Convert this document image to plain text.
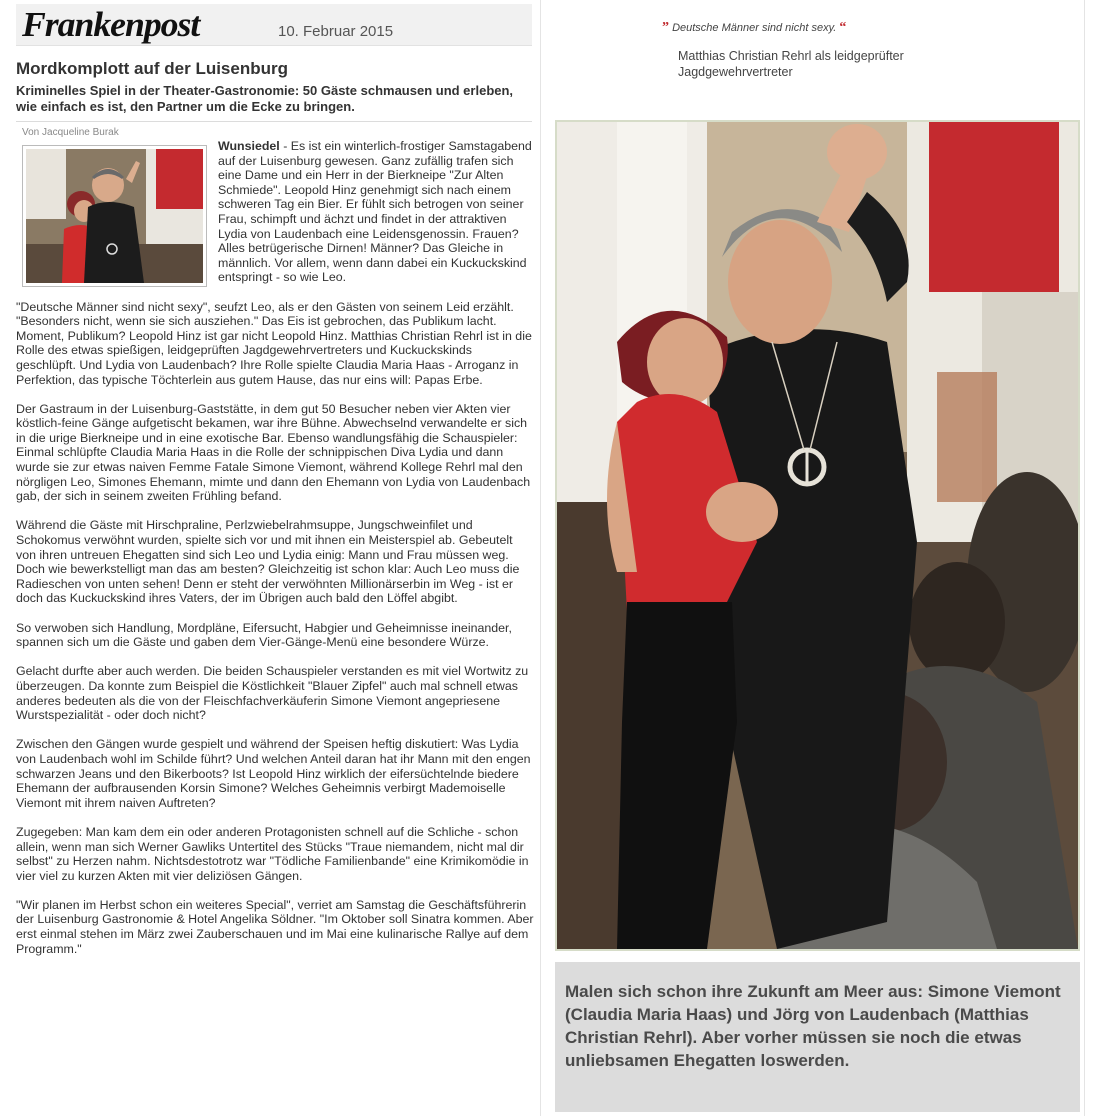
Frankenpost	10. Februar 2015
Mordkomplott auf der Luisenburg
Kriminelles Spiel in der Theater-Gastronomie: 50 Gäste schmausen und erleben, wie einfach es ist, den Partner um die Ecke zu bringen.
Von Jacqueline Burak

Wunsiedel - Es ist ein winterlich-frostiger Samstagabend auf der Luisenburg gewesen. Ganz zufällig trafen sich eine Dame und ein Herr in der Bierkneipe "Zur Alten Schmiede". Leopold Hinz genehmigt sich nach einem schweren Tag ein Bier. Er fühlt sich betrogen von seiner Frau, schimpft und ächzt und findet in der attraktiven Lydia von Laudenbach eine Leidensgenossin. Frauen? Alles betrügerische Dirnen! Männer? Das Gleiche in männlich. Vor allem, wenn dann dabei ein Kuckuckskind entspringt - so wie Leo.

"Deutsche Männer sind nicht sexy", seufzt Leo, als er den Gästen von seinem Leid erzählt. "Besonders nicht, wenn sie sich ausziehen." Das Eis ist gebrochen, das Publikum lacht. Moment, Publikum? Leopold Hinz ist gar nicht Leopold Hinz. Matthias Christian Rehrl ist in die Rolle des etwas spießigen, leidgeprüften Jagdgewehrvertreters und Kuckuckskinds geschlüpft. Und Lydia von Laudenbach? Ihre Rolle spielte Claudia Maria Haas - Arroganz in Perfektion, das typische Töchterlein aus gutem Hause, das nur eins will: Papas Erbe.

Der Gastraum in der Luisenburg-Gaststätte, in dem gut 50 Besucher neben vier Akten vier köstlich-feine Gänge aufgetischt bekamen, war ihre Bühne. Abwechselnd verwandelte er sich in die urige Bierkneipe und in eine exotische Bar. Ebenso wandlungsfähig die Schauspieler: Einmal schlüpfte Claudia Maria Haas in die Rolle der schnippischen Diva Lydia und dann wurde sie zur etwas naiven Femme Fatale Simone Viemont, während Kollege Rehrl mal den nörgligen Leo, Simones Ehemann, mimte und dann den Ehemann von Lydia von Laudenbach gab, der sich in seinem zweiten Frühling befand.

Während die Gäste mit Hirschpraline, Perlzwiebelrahmsuppe, Jungschweinfilet und Schokomus verwöhnt wurden, spielte sich vor und mit ihnen ein Meisterspiel ab. Gebeutelt von ihren untreuen Ehegatten sind sich Leo und Lydia einig: Mann und Frau müssen weg. Doch wie bewerkstelligt man das am besten? Gleichzeitig ist schon klar: Auch Leo muss die Radieschen von unten sehen! Denn er steht der verwöhnten Millionärserbin im Weg - ist er doch das Kuckuckskind ihres Vaters, der im Übrigen auch bald den Löffel abgibt.

So verwoben sich Handlung, Mordpläne, Eifersucht, Habgier und Geheimnisse ineinander, spannen sich um die Gäste und gaben dem Vier-Gänge-Menü eine besondere Würze.

Gelacht durfte aber auch werden. Die beiden Schauspieler verstanden es mit viel Wortwitz zu überzeugen. Da konnte zum Beispiel die Köstlichkeit "Blauer Zipfel" auch mal schnell etwas anderes bedeuten als die von der Fleischfachverkäuferin Simone Viemont angepriesene Wurstspezialität - oder doch nicht?

Zwischen den Gängen wurde gespielt und während der Speisen heftig diskutiert: Was Lydia von Laudenbach wohl im Schilde führt? Und welchen Anteil daran hat ihr Mann mit den engen schwarzen Jeans und den Bikerboots? Ist Leopold Hinz wirklich der eifersüchtelnde biedere Ehemann der aufbrausenden Korsin Simone? Welches Geheimnis verbirgt Mademoiselle Viemont mit ihrem naiven Auftreten?

Zugegeben: Man kam dem ein oder anderen Protagonisten schnell auf die Schliche - schon allein, wenn man sich Werner Gawliks Untertitel des Stücks "Traue niemandem, nicht mal dir selbst" zu Herzen nahm. Nichtsdestotrotz war "Tödliche Familienbande" eine Krimikomödie in vier viel zu kurzen Akten mit vier deliziösen Gängen.

"Wir planen im Herbst schon ein weiteres Special", verriet am Samstag die Geschäftsführerin der Luisenburg Gastronomie & Hotel Angelika Söldner. "Im Oktober soll Sinatra kommen. Aber erst einmal stehen im März zwei Zauberschauen und im Mai eine kulinarische Rallye auf dem Programm."

” Deutsche Männer sind nicht sexy. “
Matthias Christian Rehrl als leidgeprüfter Jagdgewehrvertreter
Malen sich schon ihre Zukunft am Meer aus: Simone Viemont (Claudia Maria Haas) und Jörg von Laudenbach (Matthias Christian Rehrl). Aber vorher müssen sie noch die etwas unliebsamen Ehegatten loswerden.
